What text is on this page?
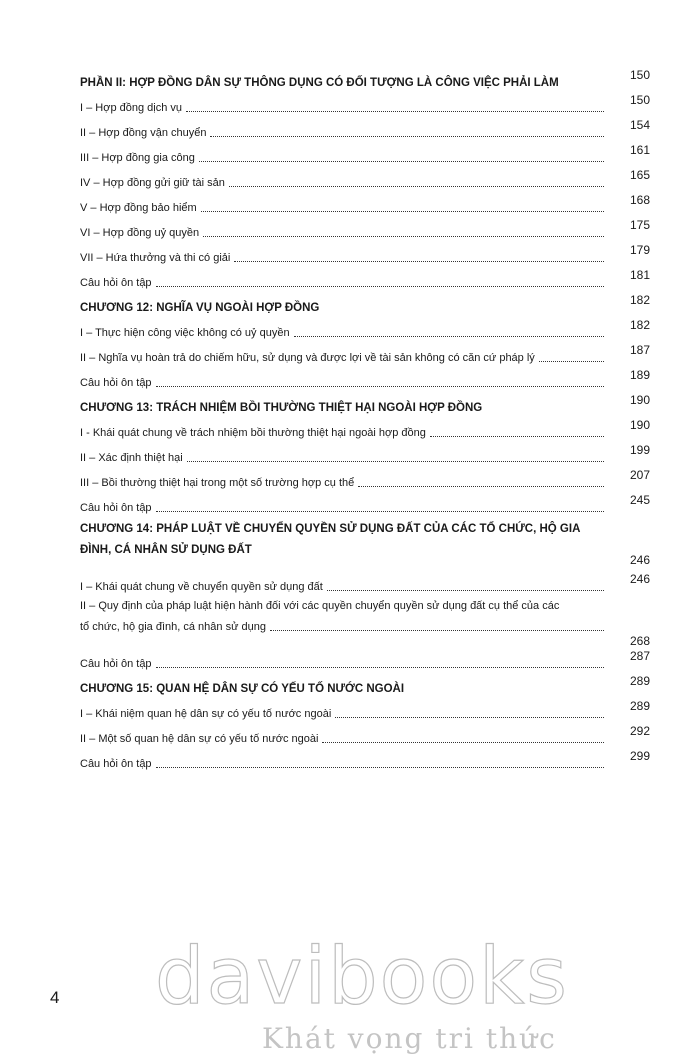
PHẦN II: HỢP ĐỒNG DÂN SỰ THÔNG DỤNG CÓ ĐỐI TƯỢNG LÀ CÔNG VIỆC PHẢI LÀM
150
I – Hợp đồng dịch vụ
150
II – Hợp đồng vận chuyển
154
III – Hợp đồng gia công
161
IV – Hợp đồng gửi giữ tài sản
165
V – Hợp đồng bảo hiểm
168
VI – Hợp đồng uỷ quyền
175
VII – Hứa thưởng và thi có giải
179
Câu hỏi ôn tập
181
CHƯƠNG 12: NGHĨA VỤ NGOÀI HỢP ĐỒNG
182
I – Thực hiện công việc không có uỷ quyền
182
II – Nghĩa vụ hoàn trả do chiếm hữu, sử dụng và được lợi về tài sản không có căn cứ pháp lý
187
Câu hỏi ôn tập
189
CHƯƠNG 13: TRÁCH NHIỆM BỒI THƯỜNG THIỆT HẠI NGOÀI HỢP ĐỒNG
190
I - Khái quát chung về trách nhiệm bồi thường thiệt hại ngoài hợp đồng
190
II – Xác định thiệt hại
199
III – Bồi thường thiệt hại trong một số trường hợp cụ thể
207
Câu hỏi ôn tập
245
CHƯƠNG 14: PHÁP LUẬT VỀ CHUYỂN QUYỀN SỬ DỤNG ĐẤT CỦA CÁC TỔ CHỨC, HỘ GIA
ĐÌNH, CÁ NHÂN SỬ DỤNG ĐẤT
246
I – Khái quát chung về chuyển quyền sử dụng đất
246
II – Quy định của pháp luật hiện hành đối với các quyền chuyển quyền sử dụng đất cụ thể của các
tổ chức, hộ gia đình, cá nhân sử dụng
268
Câu hỏi ôn tập
287
CHƯƠNG 15: QUAN HỆ DÂN SỰ CÓ YẾU TỐ NƯỚC NGOÀI
289
I – Khái niệm quan hệ dân sự có yếu tố nước ngoài
289
II – Một số quan hệ dân sự có yếu tố nước ngoài
292
Câu hỏi ôn tập
299
4 davibooks
Khát vọng tri thức
